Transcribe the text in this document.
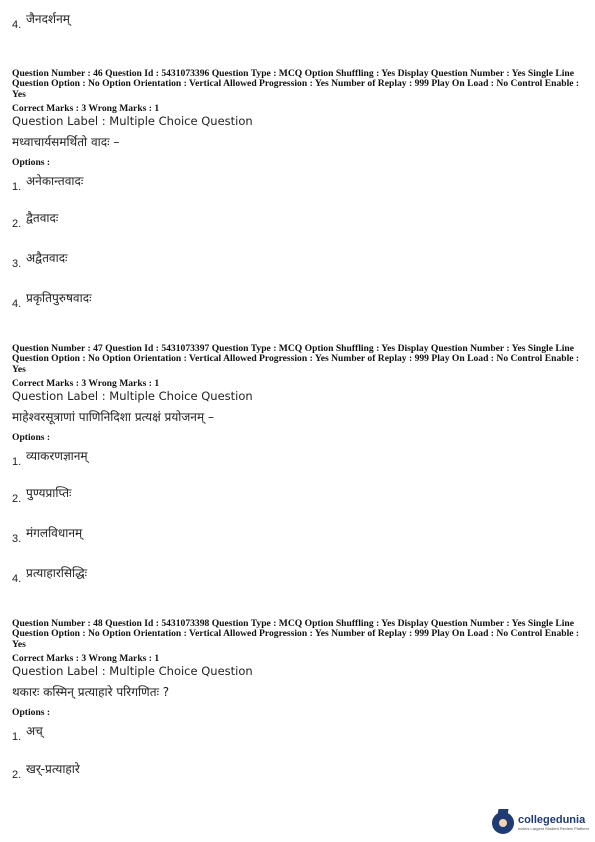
4. जैनदर्शनम्
Question Number : 46 Question Id : 5431073396 Question Type : MCQ Option Shuffling : Yes Display Question Number : Yes Single Line Question Option : No Option Orientation : Vertical Allowed Progression : Yes Number of Replay : 999 Play On Load : No Control Enable : Yes
Correct Marks : 3 Wrong Marks : 1
Question Label : Multiple Choice Question
मध्वाचार्यसमर्थितो वादः –
Options :
1. अनेकान्तवादः
2. द्वैतवादः
3. अद्वैतवादः
4. प्रकृतिपुरुषवादः
Question Number : 47 Question Id : 5431073397 Question Type : MCQ Option Shuffling : Yes Display Question Number : Yes Single Line Question Option : No Option Orientation : Vertical Allowed Progression : Yes Number of Replay : 999 Play On Load : No Control Enable : Yes
Correct Marks : 3 Wrong Marks : 1
Question Label : Multiple Choice Question
माहेश्वरसूत्राणां पाणिनिदिशा प्रत्यक्षं प्रयोजनम् –
Options :
1. व्याकरणज्ञानम्
2. पुण्यप्राप्तिः
3. मंगलविधानम्
4. प्रत्याहारसिद्धिः
Question Number : 48 Question Id : 5431073398 Question Type : MCQ Option Shuffling : Yes Display Question Number : Yes Single Line Question Option : No Option Orientation : Vertical Allowed Progression : Yes Number of Replay : 999 Play On Load : No Control Enable : Yes
Correct Marks : 3 Wrong Marks : 1
Question Label : Multiple Choice Question
थकारः कस्मिन् प्रत्याहारे परिगणितः ?
Options :
1. अच्
2. खर्-प्रत्याहारे
collegedunia
India's Largest Student Review Platform
